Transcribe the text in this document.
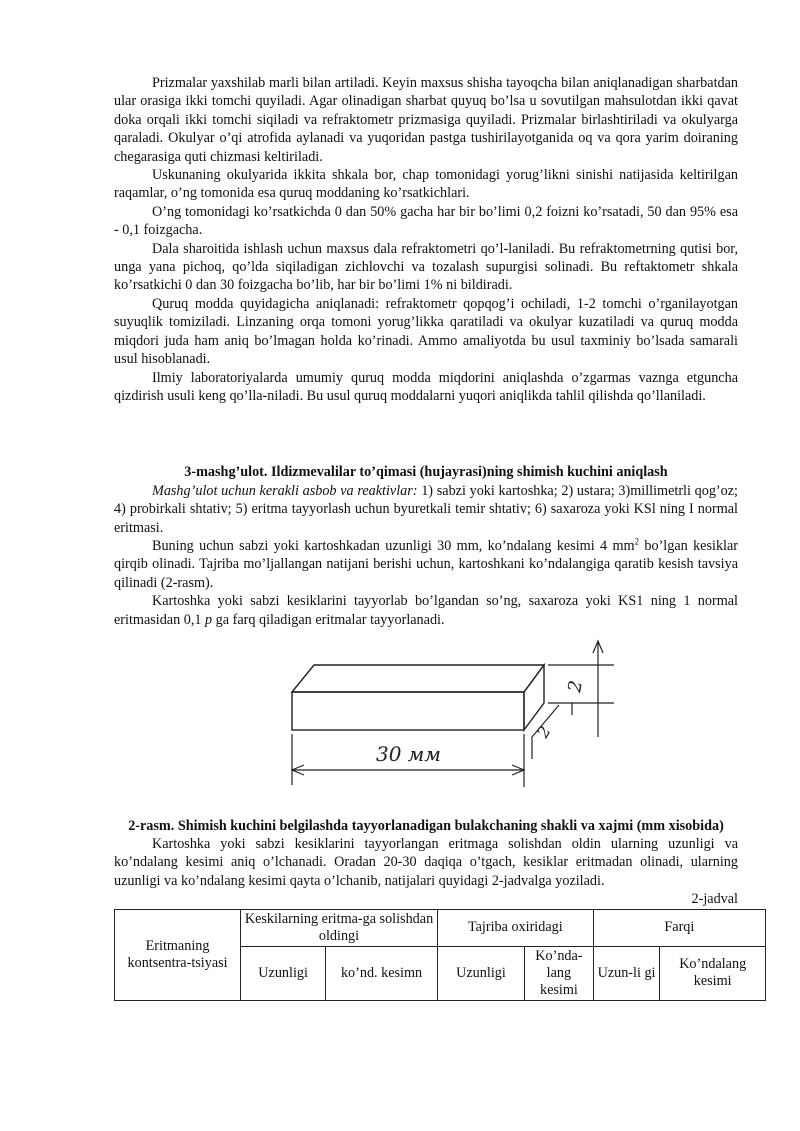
Prizmalar yaxshilab marli bilan artiladi. Keyin maxsus shisha tayoqcha bilan aniqlanadigan sharbatdan ular orasiga ikki tomchi quyiladi. Agar olinadigan sharbat quyuq bo’lsa u sovutilgan mahsulotdan ikki qavat doka orqali ikki tomchi siqiladi va refraktometr prizmasiga quyiladi. Prizmalar birlashtiriladi va okulyarga qaraladi. Okulyar o’qi atrofida aylanadi va yuqoridan pastga tushirilayotganida oq va qora yarim doiraning chegarasiga quti chizmasi keltiriladi.

Uskunaning okulyarida ikkita shkala bor, chap tomonidagi yorug’likni sinishi natijasida keltirilgan raqamlar, o’ng tomonida esa quruq moddaning ko’rsatkichlari.

O’ng tomonidagi ko’rsatkichda 0 dan 50% gacha har bir bo’limi 0,2 foizni ko’rsatadi, 50 dan 95% esa - 0,1 foizgacha.

Dala sharoitida ishlash uchun maxsus dala refraktometri qo’l-laniladi. Bu refraktometrning qutisi bor, unga yana pichoq, qo’lda siqiladigan zichlovchi va tozalash supurgisi solinadi. Bu reftaktometr shkala ko’rsatkichi 0 dan 30 foizgacha bo’lib, har bir bo’limi 1% ni bildiradi.

Quruq modda quyidagicha aniqlanadi: refraktometr qopqog’i ochiladi, 1-2 tomchi o’rganilayotgan suyuqlik tomiziladi. Linzaning orqa tomoni yorug’likka qaratiladi va okulyar kuzatiladi va quruq modda miqdori juda ham aniq bo’lmagan holda ko’rinadi. Ammo amaliyotda bu usul taxminiy bo’lsada samarali usul hisoblanadi.

Ilmiy laboratoriyalarda umumiy quruq modda miqdorini aniqlashda o’zgarmas vaznga etguncha qizdirish usuli keng qo’lla-niladi. Bu usul quruq moddalarni yuqori aniqlikda tahlil qilishda qo’llaniladi.

3-mashg’ulot. Ildizmevalilar to’qimasi (hujayrasi)ning shimish kuchini aniqlash

Mashg’ulot uchun kerakli asbob va reaktivlar: 1) sabzi yoki kartoshka; 2) ustara; 3)millimetrli qog’oz; 4) probirkali shtativ; 5) eritma tayyorlash uchun byuretkali temir shtativ; 6) saxaroza yoki KSl ning I normal eritmasi.

Buning uchun sabzi yoki kartoshkadan uzunligi 30 mm, ko’ndalang kesimi 4 $mm^2$ bo’lgan kesiklar qirqib olinadi. Tajriba mo’ljallangan natijani berishi uchun, kartoshkani ko’ndalangiga qaratib kesish tavsiya qilinadi (2-rasm).

Kartoshka yoki sabzi kesiklarini tayyorlab bo’lgandan so’ng, saxaroza yoki KS1 ning 1 normal eritmasidan 0,1 p ga farq qiladigan eritmalar tayyorlanadi.

30 мм
2
2

2-rasm. Shimish kuchini belgilashda tayyorlanadigan bulakchaning shakli va xajmi (mm xisobida)

Kartoshka yoki sabzi kesiklarini tayyorlangan eritmaga solishdan oldin ularning uzunligi va ko’ndalang kesimi aniq o’lchanadi. Oradan 20-30 daqiqa o’tgach, kesiklar eritmadan olinadi, ularning uzunligi va ko’ndalang kesimi qayta o’lchanib, natijalari quyidagi 2-jadvalga yoziladi.

2-jadval

Eritmaning kontsentra-tsiyasi	Keskilarning eritma-ga solishdan oldingi		Tajriba oxiridagi		Farqi	
	Uzunligi	ko’nd. kesimn	Uzunligi	Ko’nda-lang kesimi	Uzun-li gi	Ko’ndalang kesimi
